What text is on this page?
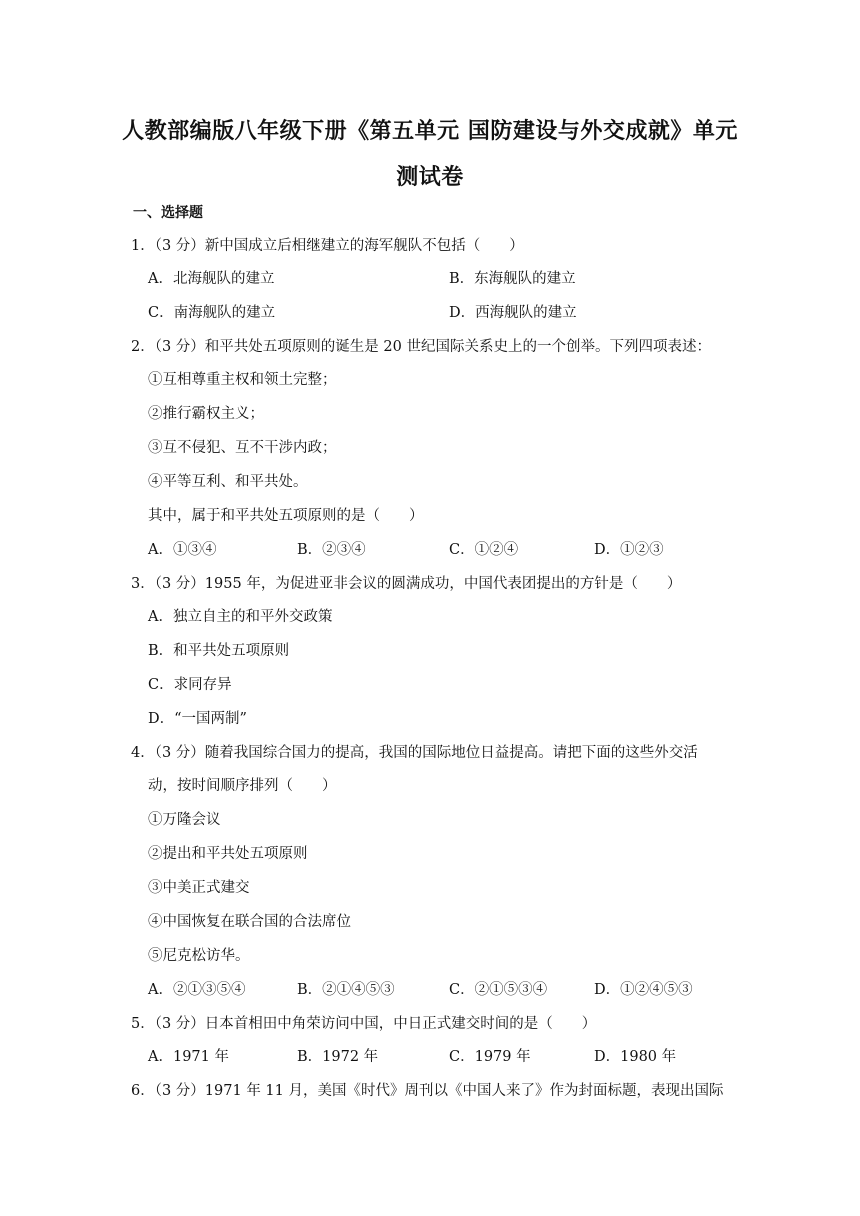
人教部编版八年级下册《第五单元 国防建设与外交成就》单元
测试卷
一、选择题
1．（3 分）新中国成立后相继建立的海军舰队不包括（　　）
A．北海舰队的建立	B．东海舰队的建立
C．南海舰队的建立	D．西海舰队的建立
2．（3 分）和平共处五项原则的诞生是 20 世纪国际关系史上的一个创举。下列四项表述：
①互相尊重主权和领土完整；
②推行霸权主义；
③互不侵犯、互不干涉内政；
④平等互利、和平共处。
其中，属于和平共处五项原则的是（　　）
A．①③④	B．②③④	C．①②④	D．①②③
3．（3 分）1955 年，为促进亚非会议的圆满成功，中国代表团提出的方针是（　　）
A．独立自主的和平外交政策
B．和平共处五项原则
C．求同存异
D．“一国两制”
4．（3 分）随着我国综合国力的提高，我国的国际地位日益提高。请把下面的这些外交活
动，按时间顺序排列（　　）
①万隆会议
②提出和平共处五项原则
③中美正式建交
④中国恢复在联合国的合法席位
⑤尼克松访华。
A．②①③⑤④	B．②①④⑤③	C．②①⑤③④	D．①②④⑤③
5．（3 分）日本首相田中角荣访问中国，中日正式建交时间的是（　　）
A．1971 年	B．1972 年	C．1979 年	D．1980 年
6．（3 分）1971 年 11 月，美国《时代》周刊以《中国人来了》作为封面标题，表现出国际
